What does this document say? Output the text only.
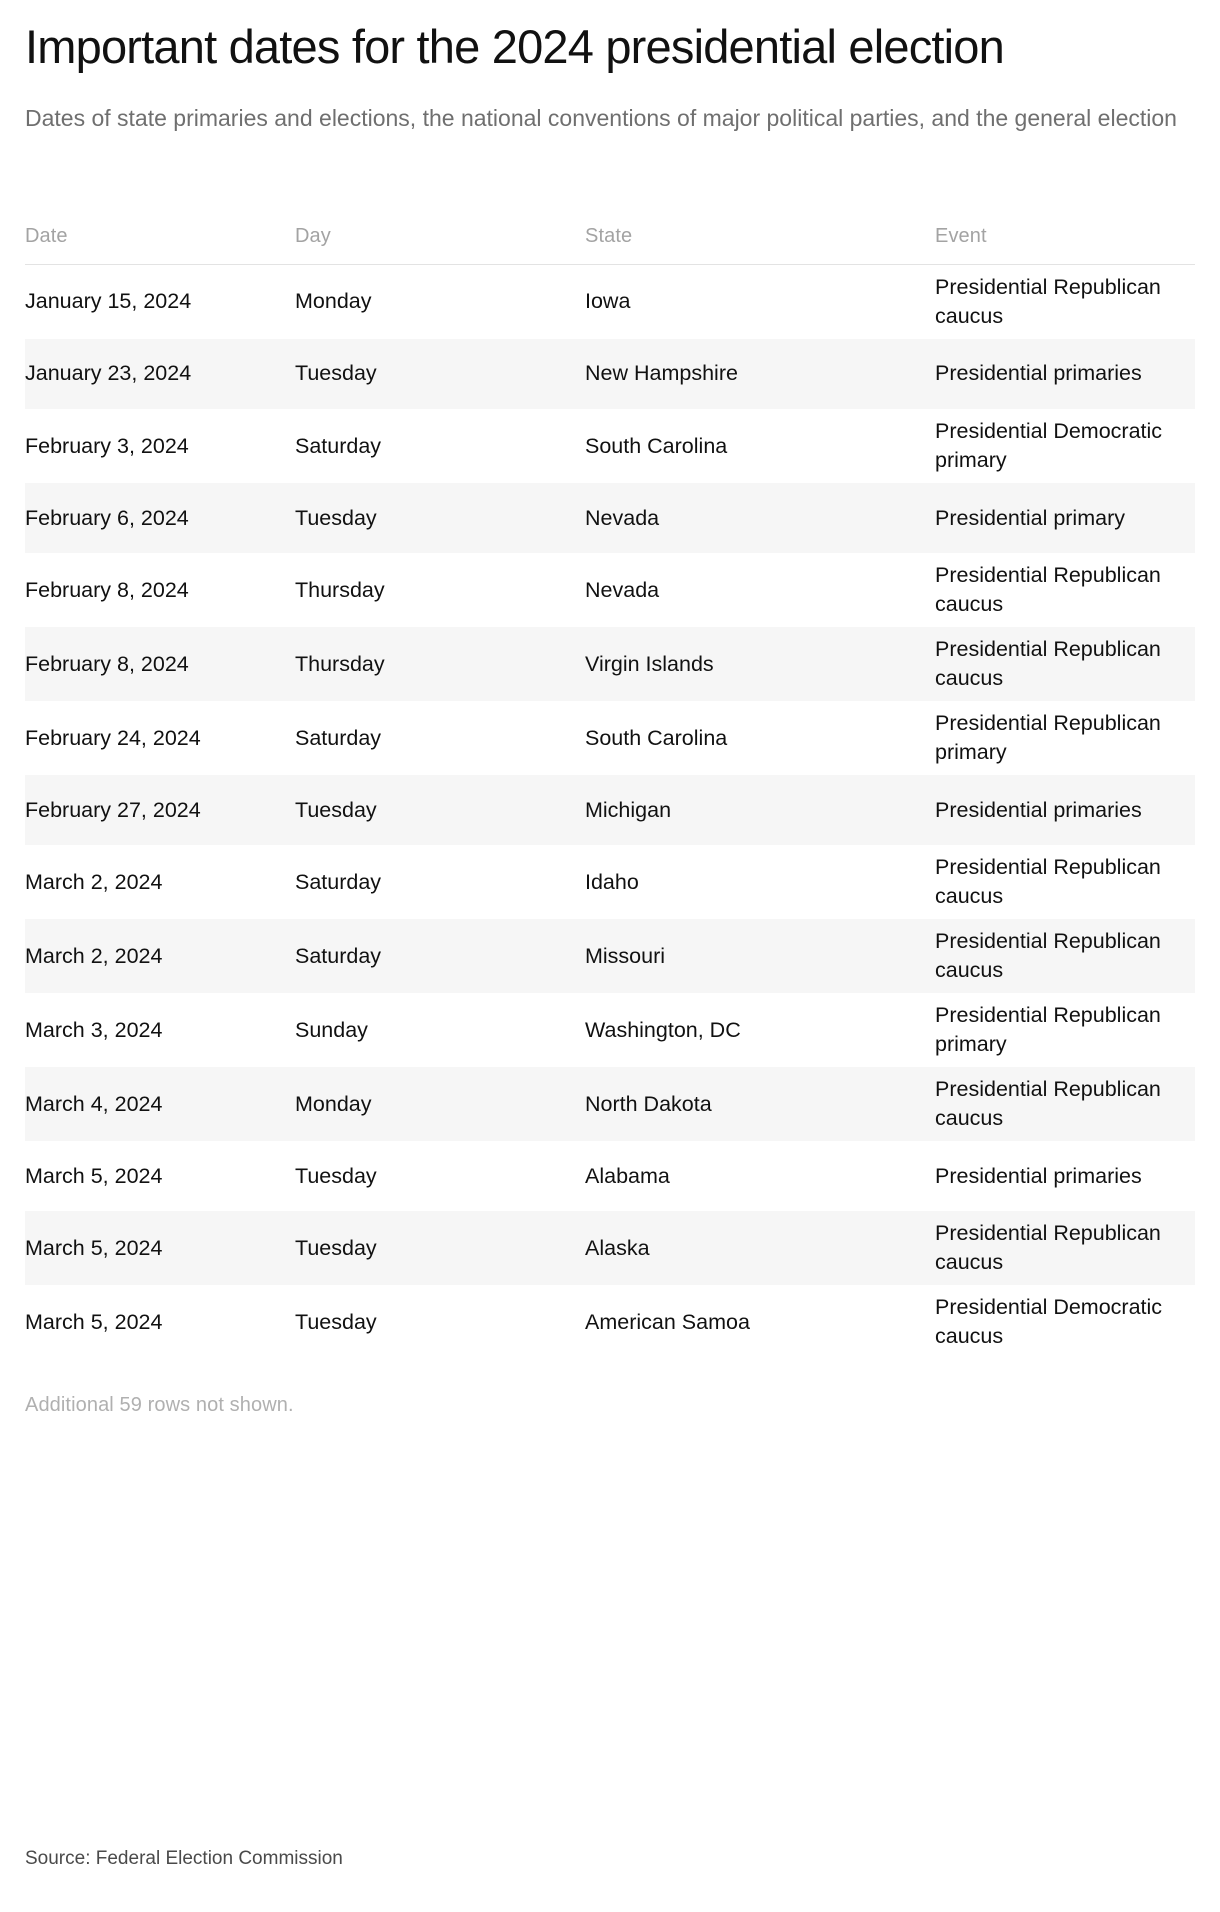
Important dates for the 2024 presidential election

Dates of state primaries and elections, the national conventions of major political parties, and the general election

Date	Day	State	Event
January 15, 2024	Monday	Iowa	Presidential Republican caucus
January 23, 2024	Tuesday	New Hampshire	Presidential primaries
February 3, 2024	Saturday	South Carolina	Presidential Democratic primary
February 6, 2024	Tuesday	Nevada	Presidential primary
February 8, 2024	Thursday	Nevada	Presidential Republican caucus
February 8, 2024	Thursday	Virgin Islands	Presidential Republican caucus
February 24, 2024	Saturday	South Carolina	Presidential Republican primary
February 27, 2024	Tuesday	Michigan	Presidential primaries
March 2, 2024	Saturday	Idaho	Presidential Republican caucus
March 2, 2024	Saturday	Missouri	Presidential Republican caucus
March 3, 2024	Sunday	Washington, DC	Presidential Republican primary
March 4, 2024	Monday	North Dakota	Presidential Republican caucus
March 5, 2024	Tuesday	Alabama	Presidential primaries
March 5, 2024	Tuesday	Alaska	Presidential Republican caucus
March 5, 2024	Tuesday	American Samoa	Presidential Democratic caucus
Additional 59 rows not shown.
Source: Federal Election Commission
